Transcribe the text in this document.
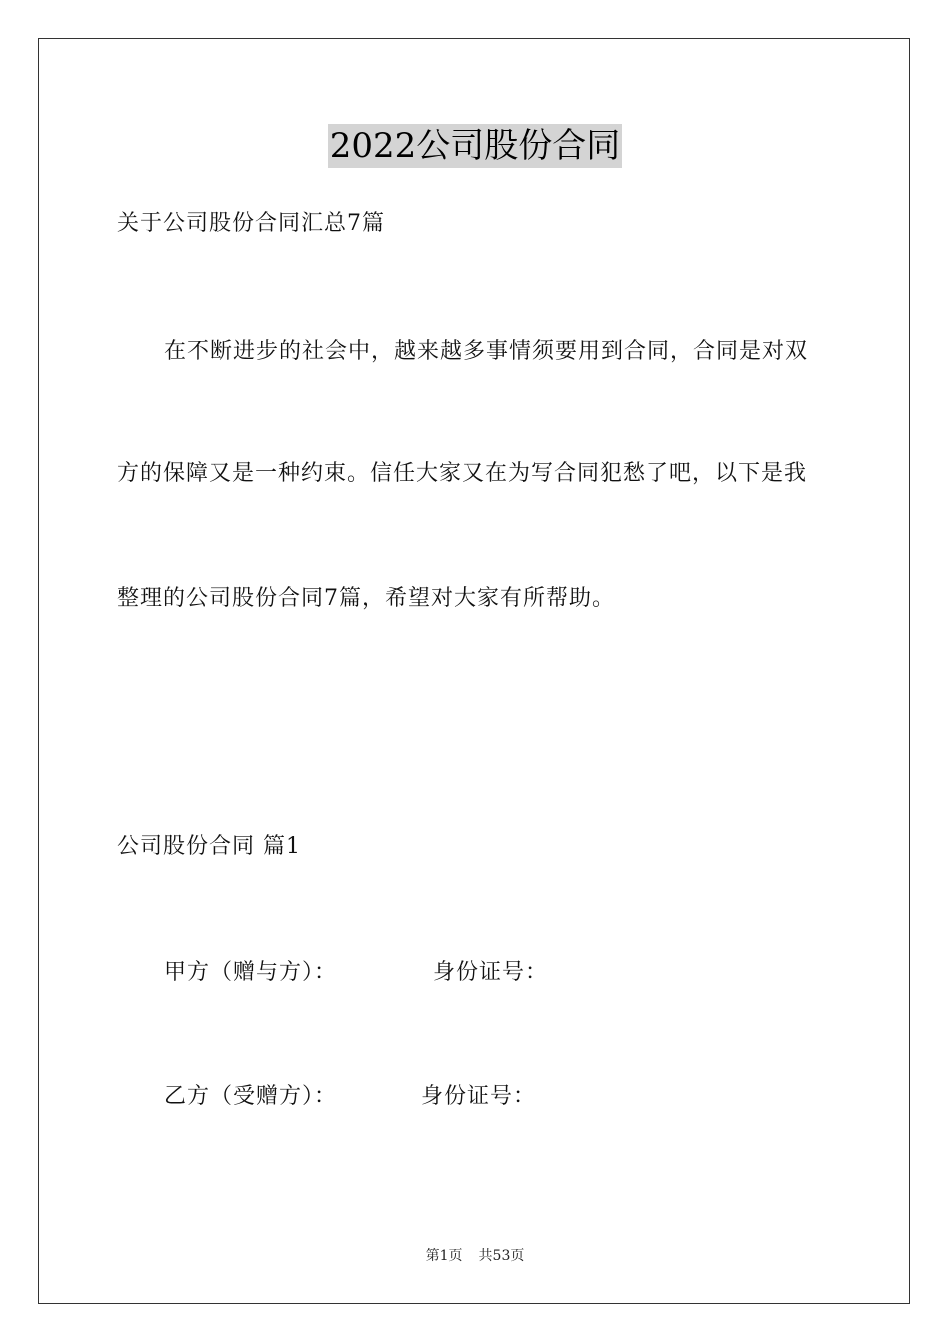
2022公司股份合同
关于公司股份合同汇总7篇
在不断进步的社会中，越来越多事情须要用到合同，合同是对双
方的保障又是一种约束。信任大家又在为写合同犯愁了吧，以下是我
整理的公司股份合同7篇，希望对大家有所帮助。
公司股份合同 篇1
甲方（赠与方）：	身份证号：
乙方（受赠方）：	身份证号：
第1页 共53页
